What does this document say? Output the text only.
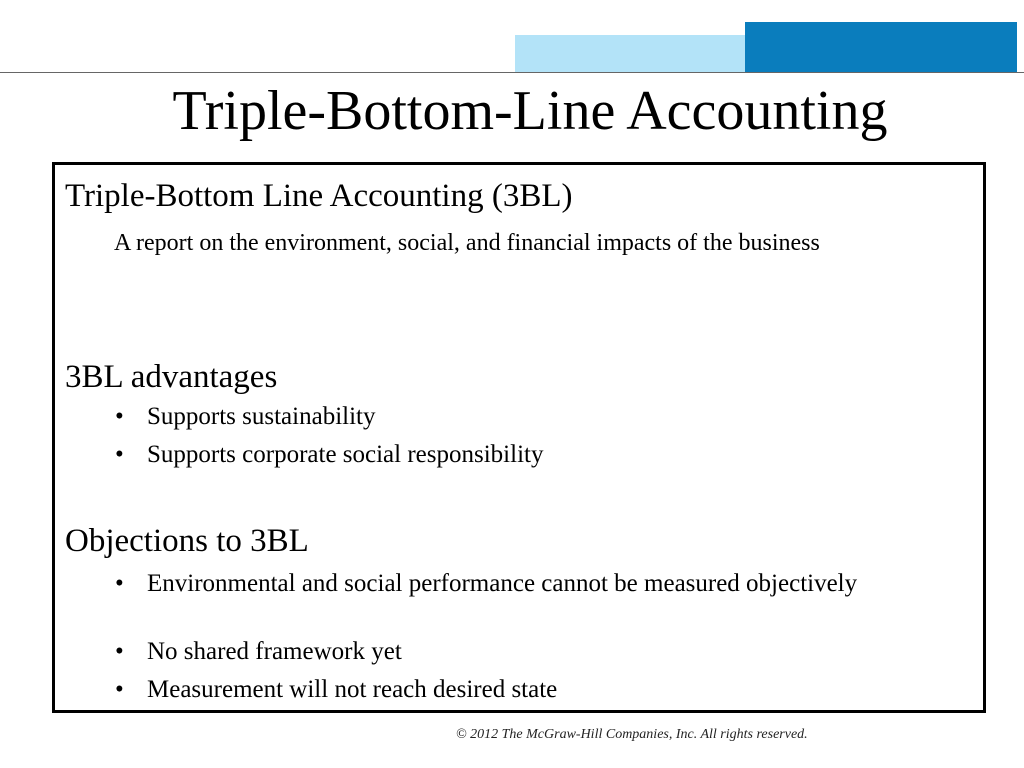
Triple-Bottom-Line Accounting
Triple-Bottom Line Accounting (3BL)
A report on the environment, social, and financial impacts of the business
3BL advantages
• Supports sustainability
• Supports corporate social responsibility
Objections to 3BL
• Environmental and social performance cannot be measured objectively
• No shared framework yet
• Measurement will not reach desired state
© 2012 The McGraw-Hill Companies, Inc. All rights reserved.
